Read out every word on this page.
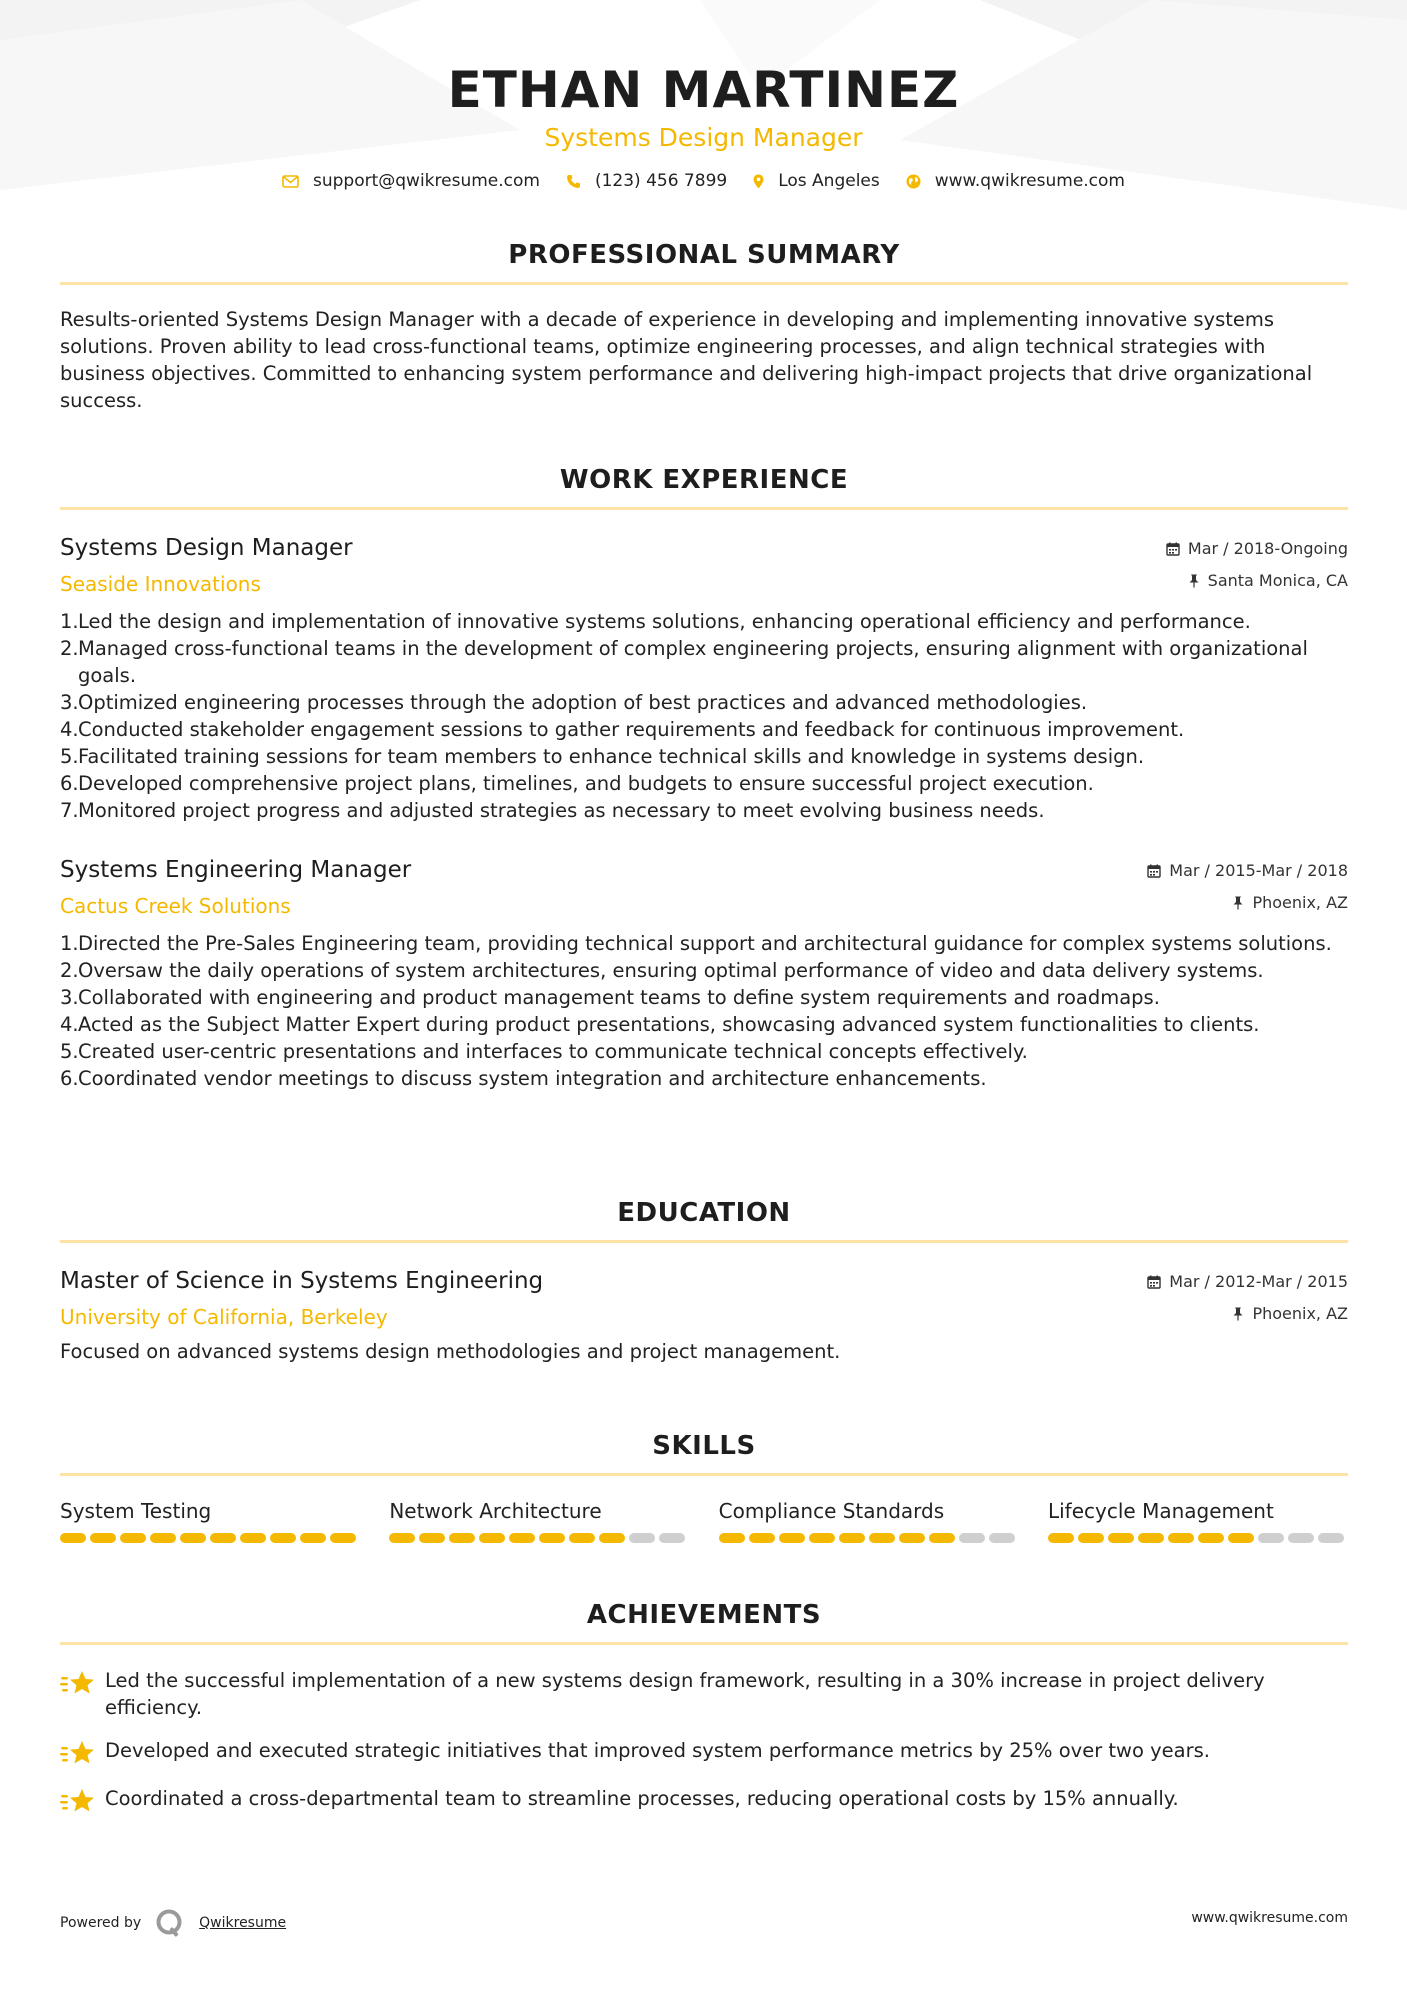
ETHAN MARTINEZ
Systems Design Manager
support@qwikresume.com	(123) 456 7899	Los Angeles	www.qwikresume.com
PROFESSIONAL SUMMARY
Results-oriented Systems Design Manager with a decade of experience in developing and implementing innovative systems solutions. Proven ability to lead cross-functional teams, optimize engineering processes, and align technical strategies with business objectives. Committed to enhancing system performance and delivering high-impact projects that drive organizational success.
WORK EXPERIENCE
Systems Design Manager
Seaside Innovations
Mar / 2018-Ongoing
Santa Monica, CA
1. Led the design and implementation of innovative systems solutions, enhancing operational efficiency and performance.
2. Managed cross-functional teams in the development of complex engineering projects, ensuring alignment with organizational goals.
3. Optimized engineering processes through the adoption of best practices and advanced methodologies.
4. Conducted stakeholder engagement sessions to gather requirements and feedback for continuous improvement.
5. Facilitated training sessions for team members to enhance technical skills and knowledge in systems design.
6. Developed comprehensive project plans, timelines, and budgets to ensure successful project execution.
7. Monitored project progress and adjusted strategies as necessary to meet evolving business needs.
Systems Engineering Manager
Cactus Creek Solutions
Mar / 2015-Mar / 2018
Phoenix, AZ
1. Directed the Pre-Sales Engineering team, providing technical support and architectural guidance for complex systems solutions.
2. Oversaw the daily operations of system architectures, ensuring optimal performance of video and data delivery systems.
3. Collaborated with engineering and product management teams to define system requirements and roadmaps.
4. Acted as the Subject Matter Expert during product presentations, showcasing advanced system functionalities to clients.
5. Created user-centric presentations and interfaces to communicate technical concepts effectively.
6. Coordinated vendor meetings to discuss system integration and architecture enhancements.
EDUCATION
Master of Science in Systems Engineering
University of California, Berkeley
Mar / 2012-Mar / 2015
Phoenix, AZ
Focused on advanced systems design methodologies and project management.
SKILLS
System Testing	Network Architecture	Compliance Standards	Lifecycle Management
ACHIEVEMENTS
Led the successful implementation of a new systems design framework, resulting in a 30% increase in project delivery efficiency.
Developed and executed strategic initiatives that improved system performance metrics by 25% over two years.
Coordinated a cross-departmental team to streamline processes, reducing operational costs by 15% annually.
Powered by	Qwikresume	www.qwikresume.com
